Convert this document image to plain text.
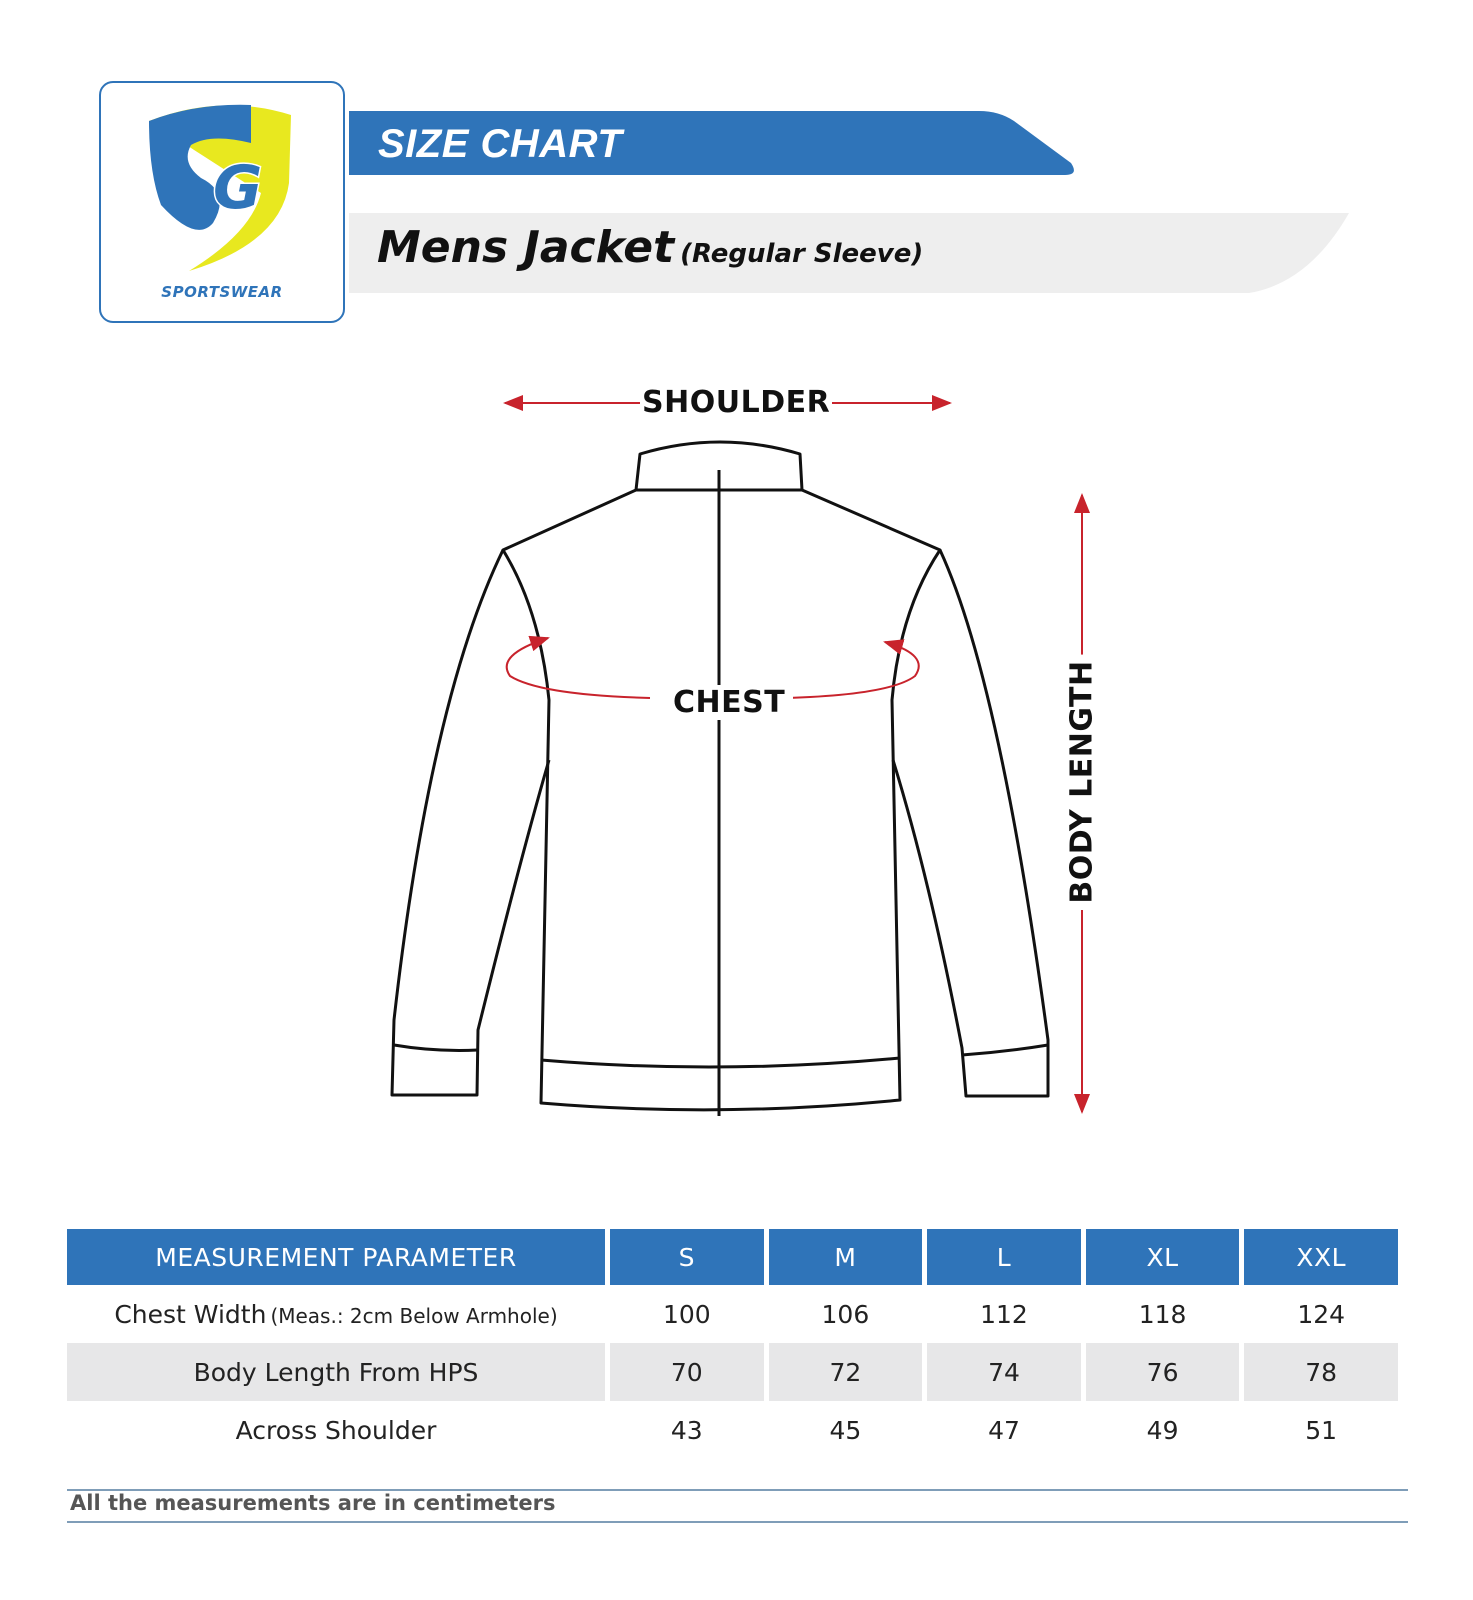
G
SPORTSWEAR
SIZE CHART
Mens Jacket (Regular Sleeve)
SHOULDER
CHEST	BODY LENGTH
MEASUREMENT PARAMETER	S	M	L	XL	XXL
Chest Width (Meas.: 2cm Below Armhole)	100	106	112	118	124
Body Length From HPS	70	72	74	76	78
Across Shoulder	43	45	47	49	51
All the measurements are in centimeters
